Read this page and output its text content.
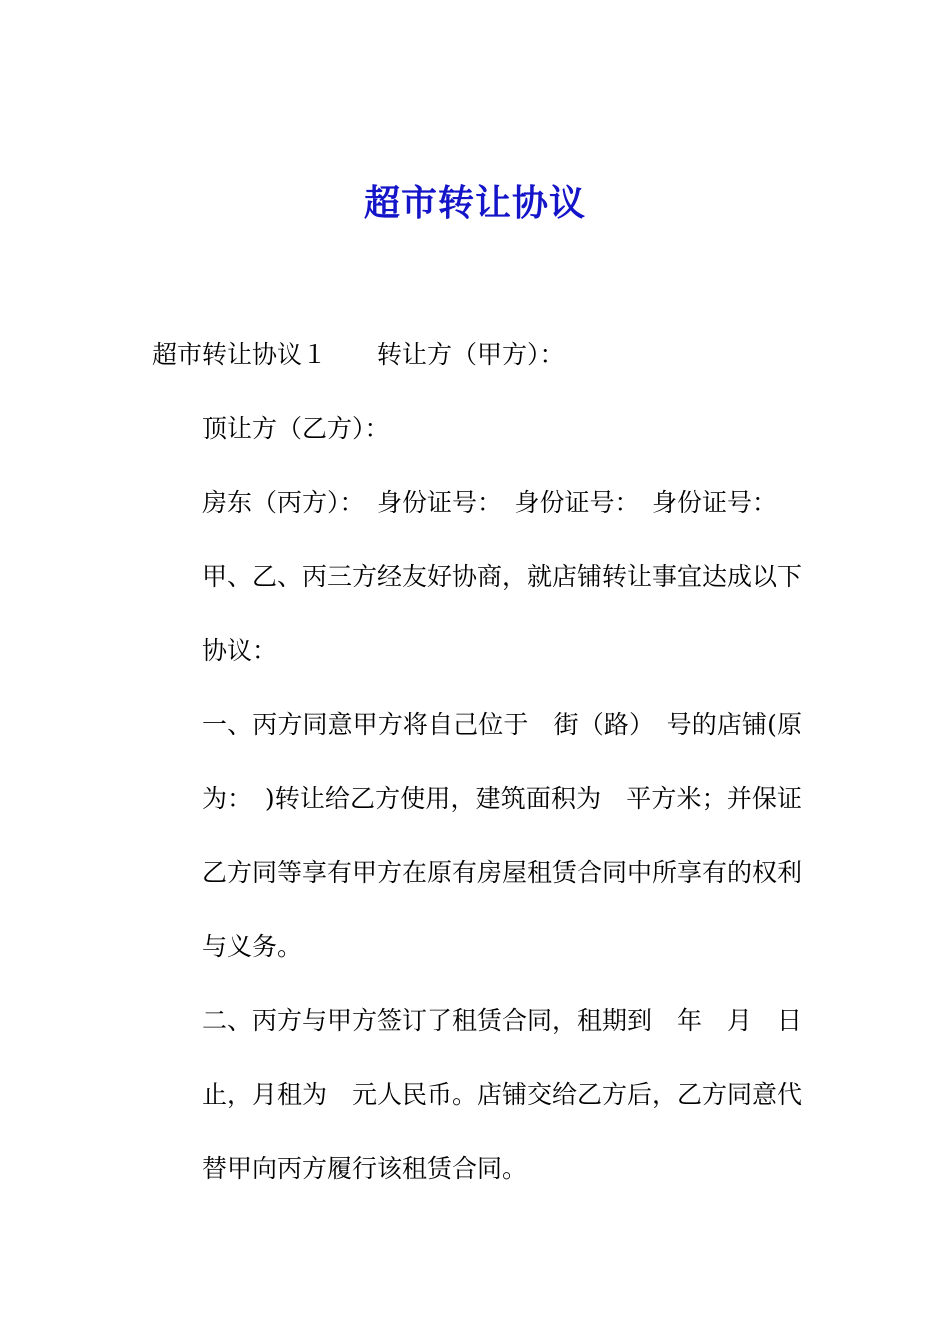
超市转让协议

超市转让协议１　　转让方（甲方）：

顶让方（乙方）：

房东（丙方）：　身份证号：　身份证号：　身份证号：

甲、乙、丙三方经友好协商，就店铺转让事宜达成以下协议：

一、丙方同意甲方将自己位于　街（路）　号的店铺(原为：　)转让给乙方使用，建筑面积为　平方米；并保证乙方同等享有甲方在原有房屋租赁合同中所享有的权利与义务。

二、丙方与甲方签订了租赁合同，租期到　年　月　日止，月租为　元人民币。店铺交给乙方后，乙方同意代替甲向丙方履行该租赁合同。
